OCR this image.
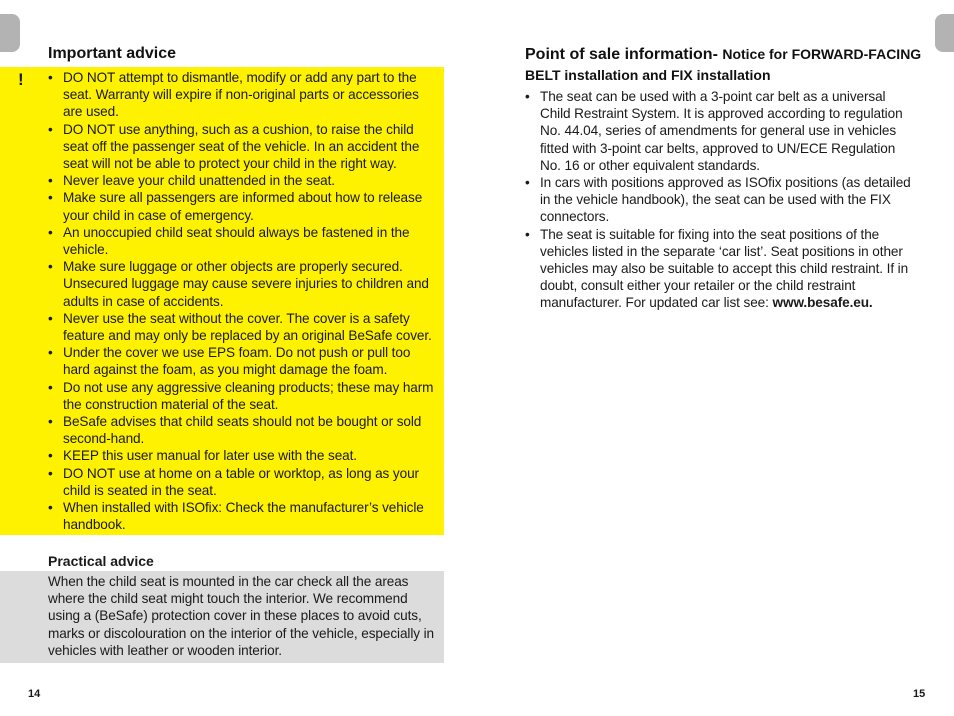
Important advice
! • DO NOT attempt to dismantle, modify or add any part to the seat. Warranty will expire if non-original parts or accessories are used.
• DO NOT use anything, such as a cushion, to raise the child seat off the passenger seat of the vehicle. In an accident the seat will not be able to protect your child in the right way.
• Never leave your child unattended in the seat.
• Make sure all passengers are informed about how to release your child in case of emergency.
• An unoccupied child seat should always be fastened in the vehicle.
• Make sure luggage or other objects are properly secured. Unsecured luggage may cause severe injuries to children and adults in case of accidents.
• Never use the seat without the cover. The cover is a safety feature and may only be replaced by an original BeSafe cover.
• Under the cover we use EPS foam. Do not push or pull too hard against the foam, as you might damage the foam.
• Do not use any aggressive cleaning products; these may harm the construction material of the seat.
• BeSafe advises that child seats should not be bought or sold second-hand.
• KEEP this user manual for later use with the seat.
• DO NOT use at home on a table or worktop, as long as your child is seated in the seat.
• When installed with ISOfix: Check the manufacturer’s vehicle handbook.
Practical advice

When the child seat is mounted in the car check all the areas where the child seat might touch the interior. We recommend using a (BeSafe) protection cover in these places to avoid cuts, marks or discolouration on the interior of the vehicle, especially in vehicles with leather or wooden interior.

14
Point of sale information- Notice for FORWARD-FACING BELT installation and FIX installation
• The seat can be used with a 3-point car belt as a universal Child Restraint System. It is approved according to regulation No. 44.04, series of amendments for general use in vehicles fitted with 3-point car belts, approved to UN/ECE Regulation No. 16 or other equivalent standards.
• In cars with positions approved as ISOfix positions (as detailed in the vehicle handbook), the seat can be used with the FIX connectors.
• The seat is suitable for fixing into the seat positions of the vehicles listed in the separate ‘car list’. Seat positions in other vehicles may also be suitable to accept this child restraint. If in doubt, consult either your retailer or the child restraint manufacturer. For updated car list see: www.besafe.eu.
15
